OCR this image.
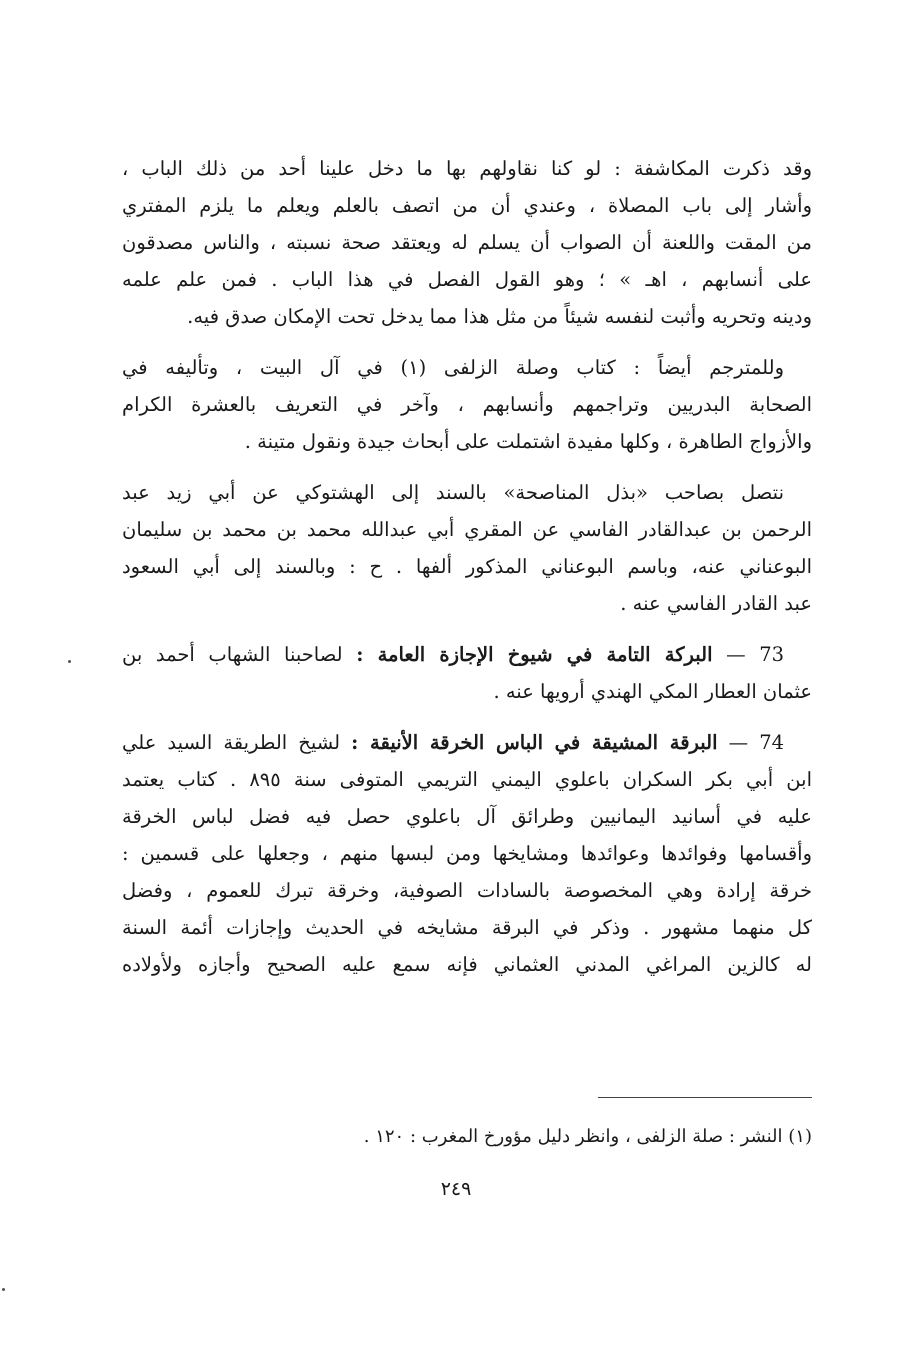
وقد ذكرت المكاشفة : لو كنا نقاولهم بها ما دخل علينا أحد من ذلك الباب ،
وأشار إلى باب المصلاة ، وعندي أن من اتصف بالعلم ويعلم ما يلزم المفتري
من المقت واللعنة أن الصواب أن يسلم له ويعتقد صحة نسبته ، والناس مصدقون
على أنسابهم ، اهـ » ؛ وهو القول الفصل في هذا الباب . فمن علم علمه
ودينه وتحريه وأثبت لنفسه شيئاً من مثل هذا مما يدخل تحت الإمكان صدق فيه.
وللمترجم أيضاً : كتاب وصلة الزلفى (١) في آل البيت ، وتأليفه في
الصحابة البدريين وتراجمهم وأنسابهم ، وآخر في التعريف بالعشرة الكرام
والأزواج الطاهرة ، وكلها مفيدة اشتملت على أبحاث جيدة ونقول متينة .
نتصل بصاحب «بذل المناصحة» بالسند إلى الهشتوكي عن أبي زيد عبد
الرحمن بن عبدالقادر الفاسي عن المقري أبي عبدالله محمد بن محمد بن سليمان
البوعناني عنه، وباسم البوعناني المذكور ألفها . ح : وبالسند إلى أبي السعود
عبد القادر الفاسي عنه .
73 — البركة التامة في شيوخ الإجازة العامة : لصاحبنا الشهاب أحمد بن
عثمان العطار المكي الهندي أرويها عنه .
74 — البرقة المشيقة في الباس الخرقة الأنيقة : لشيخ الطريقة السيد علي
ابن أبي بكر السكران باعلوي اليمني التريمي المتوفى سنة ٨٩٥ . كتاب يعتمد
عليه في أسانيد اليمانيين وطرائق آل باعلوي حصل فيه فضل لباس الخرقة
وأقسامها وفوائدها وعوائدها ومشايخها ومن لبسها منهم ، وجعلها على قسمين :
خرقة إرادة وهي المخصوصة بالسادات الصوفية، وخرقة تبرك للعموم ، وفضل
كل منهما مشهور . وذكر في البرقة مشايخه في الحديث وإجازات أئمة السنة
له كالزين المراغي المدني العثماني فإنه سمع عليه الصحيح وأجازه ولأولاده
(١) النشر : صلة الزلفى ، وانظر دليل مؤورخ المغرب : ١٢٠ .
٢٤٩
